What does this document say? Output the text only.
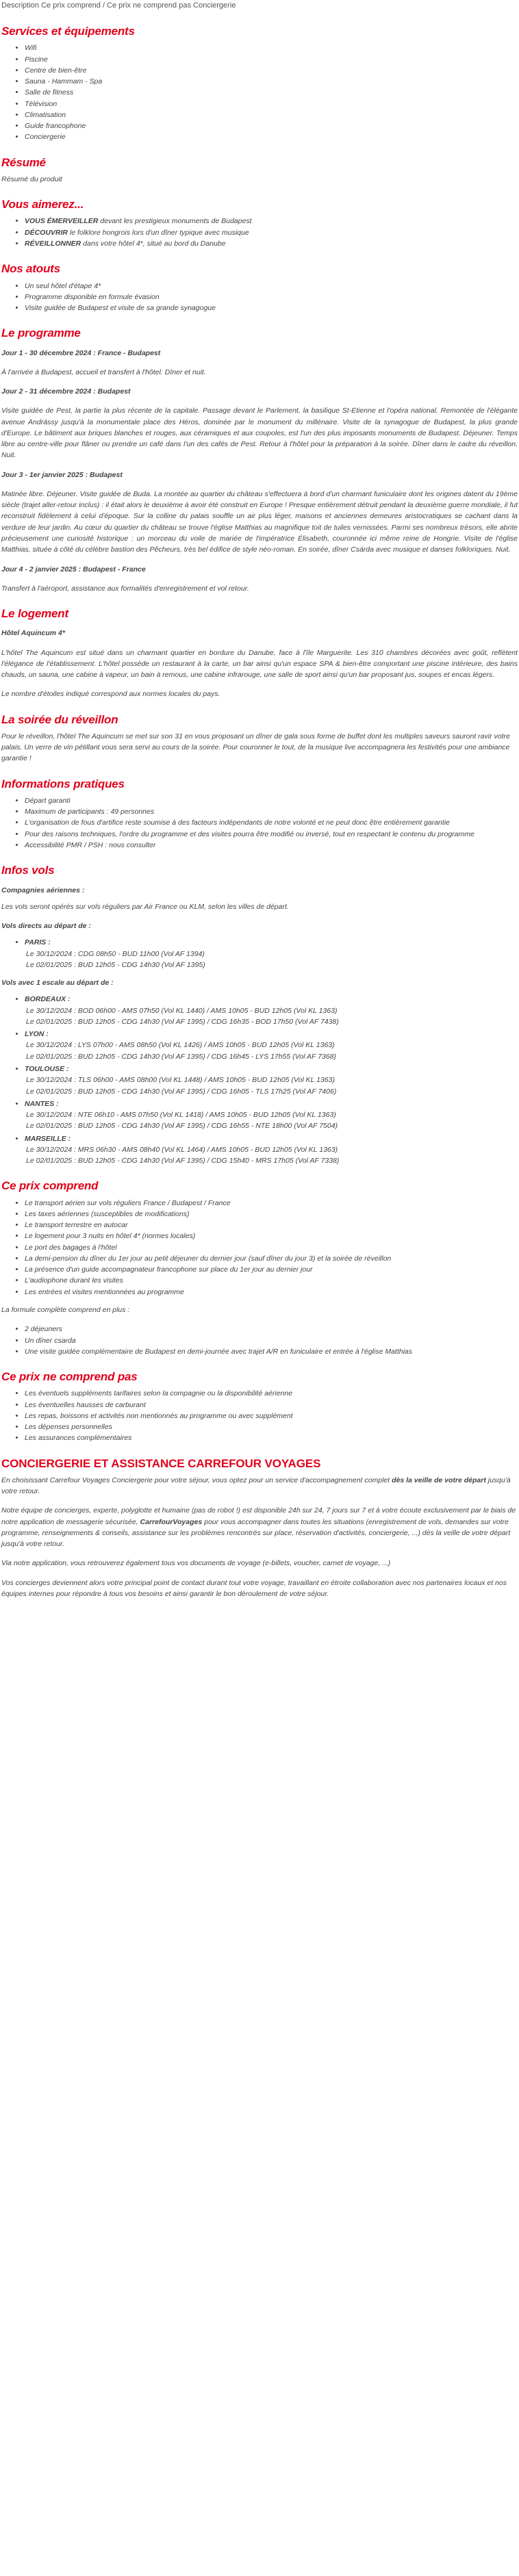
Description Ce prix comprend / Ce prix ne comprend pas Conciergerie
Services et équipements
• Wifi
• Piscine
• Centre de bien-être
• Sauna - Hammam - Spa
• Salle de fitness
• Télévision
• Climatisation
• Guide francophone
• Conciergerie
Résumé

Résumé du produit

Vous aimerez...
• VOUS ÉMERVEILLER devant les prestigieux monuments de Budapest
• DÉCOUVRIR le folklore hongrois lors d'un dîner typique avec musique
• RÉVEILLONNER dans votre hôtel 4*, situé au bord du Danube
Nos atouts
• Un seul hôtel d'étape 4*
• Programme disponible en formule évasion
• Visite guidée de Budapest et visite de sa grande synagogue
Le programme
Jour 1 - 30 décembre 2024 : France - Budapest

À l'arrivée à Budapest, accueil et transfert à l'hôtel. Dîner et nuit.

Jour 2 - 31 décembre 2024 : Budapest

Visite guidée de Pest, la partie la plus récente de la capitale. Passage devant le Parlement, la basilique St-Etienne et l'opéra national. Remontée de l'élégante avenue Andrássy jusqu'à la monumentale place des Héros, dominée par le monument du millénaire. Visite de la synagogue de Budapest, la plus grande d'Europe. Le bâtiment aux briques blanches et rouges, aux céramiques et aux coupoles, est l'un des plus imposants monuments de Budapest. Déjeuner. Temps libre au centre-ville pour flâner ou prendre un café dans l'un des cafés de Pest. Retour à l'hôtel pour la préparation à la soirée. Dîner dans le cadre du réveillon. Nuit.

Jour 3 - 1er janvier 2025 : Budapest

Matinée libre. Déjeuner. Visite guidée de Buda. La montée au quartier du château s'effectuera à bord d'un charmant funiculaire dont les origines datent du 19ème siècle (trajet aller-retour inclus) : il était alors le deuxième à avoir été construit en Europe ! Presque entièrement détruit pendant la deuxième guerre mondiale, il fut reconstruit fidèlement à celui d'époque. Sur la colline du palais souffle un air plus léger, maisons et anciennes demeures aristocratiques se cachant dans la verdure de leur jardin. Au cœur du quartier du château se trouve l'église Matthias au magnifique toit de tuiles vernissées. Parmi ses nombreux trésors, elle abrite précieusement une curiosité historique : un morceau du voile de mariée de l'impératrice Élisabeth, couronnée ici même reine de Hongrie. Visite de l'église Matthias, située à côté du célèbre bastion des Pêcheurs, très bel édifice de style néo-roman. En soirée, dîner Csárda avec musique et danses folkloriques. Nuit.

Jour 4 - 2 janvier 2025 : Budapest - France

Transfert à l'aéroport, assistance aux formalités d'enregistrement et vol retour.

Le logement
Hôtel Aquincum 4*

L'hôtel The Aquincum est situé dans un charmant quartier en bordure du Danube, face à l'île Marguerite. Les 310 chambres décorées avec goût, reflètent l'élégance de l'établissement. L'hôtel possède un restaurant à la carte, un bar ainsi qu'un espace SPA & bien-être comportant une piscine intérieure, des bains chauds, un sauna, une cabine à vapeur, un bain à remous, une cabine infrarouge, une salle de sport ainsi qu'un bar proposant jus, soupes et encas légers.

Le nombre d'étoiles indiqué correspond aux normes locales du pays.

La soirée du réveillon

Pour le réveillon, l'hôtel The Aquincum se met sur son 31 en vous proposant un dîner de gala sous forme de buffet dont les multiples saveurs sauront ravir votre palais. Un verre de vin pétillant vous sera servi au cours de la soirée. Pour couronner le tout, de la musique live accompagnera les festivités pour une ambiance garantie !

Informations pratiques
• Départ garanti
• Maximum de participants : 49 personnes
• L'organisation de fous d'artifice reste soumise à des facteurs indépendants de notre volonté et ne peut donc être entièrement garantie
• Pour des raisons techniques, l'ordre du programme et des visites pourra être modifié ou inversé, tout en respectant le contenu du programme
• Accessibilité PMR / PSH : nous consulter
Infos vols
Compagnies aériennes :

Les vols seront opérés sur vols réguliers par Air France ou KLM, selon les villes de départ.

Vols directs au départ de :
• PARIS :
Le 30/12/2024 : CDG 08h50 - BUD 11h00 (Vol AF 1394)
Le 02/01/2025 : BUD 12h05 - CDG 14h30 (Vol AF 1395)
Vols avec 1 escale au départ de :
• BORDEAUX :
Le 30/12/2024 : BOD 06h00 - AMS 07h50 (Vol KL 1440) / AMS 10h05 - BUD 12h05 (Vol KL 1363)
Le 02/01/2025 : BUD 12h05 - CDG 14h30 (Vol AF 1395) / CDG 16h35 - BOD 17h50 (Vol AF 7438)
• LYON :
Le 30/12/2024 : LYS 07h00 - AMS 08h50 (Vol KL 1426) / AMS 10h05 - BUD 12h05 (Vol KL 1363)
Le 02/01/2025 : BUD 12h05 - CDG 14h30 (Vol AF 1395) / CDG 16h45 - LYS 17h55 (Vol AF 7368)
• TOULOUSE :
Le 30/12/2024 : TLS 06h00 - AMS 08h00 (Vol KL 1448) / AMS 10h05 - BUD 12h05 (Vol KL 1363)
Le 02/01/2025 : BUD 12h05 - CDG 14h30 (Vol AF 1395) / CDG 16h05 - TLS 17h25 (Vol AF 7406)
• NANTES :
Le 30/12/2024 : NTE 06h10 - AMS 07h50 (Vol KL 1418) / AMS 10h05 - BUD 12h05 (Vol KL 1363)
Le 02/01/2025 : BUD 12h05 - CDG 14h30 (Vol AF 1395) / CDG 16h55 - NTE 18h00 (Vol AF 7504)
• MARSEILLE :
Le 30/12/2024 : MRS 06h30 - AMS 08h40 (Vol KL 1464) / AMS 10h05 - BUD 12h05 (Vol KL 1363)
Le 02/01/2025 : BUD 12h05 - CDG 14h30 (Vol AF 1395) / CDG 15h40 - MRS 17h05 (Vol AF 7338)
Ce prix comprend
• Le transport aérien sur vols réguliers France / Budapest / France
• Les taxes aériennes (susceptibles de modifications)
• Le transport terrestre en autocar
• Le logement pour 3 nuits en hôtel 4* (normes locales)
• Le port des bagages à l'hôtel
• La demi-pension du dîner du 1er jour au petit déjeuner du dernier jour (sauf dîner du jour 3) et la soirée de réveillon
• La présence d'un guide accompagnateur francophone sur place du 1er jour au dernier jour
• L'audiophone durant les visites
• Les entrées et visites mentionnées au programme

La formule complète comprend en plus :

• 2 déjeuners
• Un dîner csarda
• Une visite guidée complémentaire de Budapest en demi-journée avec trajet A/R en funiculaire et entrée à l'église Matthias
Ce prix ne comprend pas
• Les éventuels suppléments tarifaires selon la compagnie ou la disponibilité aérienne
• Les éventuelles hausses de carburant
• Les repas, boissons et activités non mentionnés au programme ou avec supplément
• Les dépenses personnelles
• Les assurances complémentaires
CONCIERGERIE ET ASSISTANCE CARREFOUR VOYAGES

En choisissant Carrefour Voyages Conciergerie pour votre séjour, vous optez pour un service d'accompagnement complet dès la veille de votre départ jusqu'à votre retour.

Notre équipe de concierges, experte, polyglotte et humaine (pas de robot !) est disponible 24h sur 24, 7 jours sur 7 et à votre écoute exclusivement par le biais de notre application de messagerie sécurisée, CarrefourVoyages pour vous accompagner dans toutes les situations (enregistrement de vols, demandes sur votre programme, renseignements & conseils, assistance sur les problèmes rencontrés sur place, réservation d'activités, conciergerie, ...) dès la veille de votre départ jusqu'à votre retour.

Via notre application, vous retrouverez également tous vos documents de voyage (e-billets, voucher, carnet de voyage, ...)

Vos concierges deviennent alors votre principal point de contact durant tout votre voyage, travaillant en étroite collaboration avec nos partenaires locaux et nos équipes internes pour répondre à tous vos besoins et ainsi garantir le bon déroulement de votre séjour.
